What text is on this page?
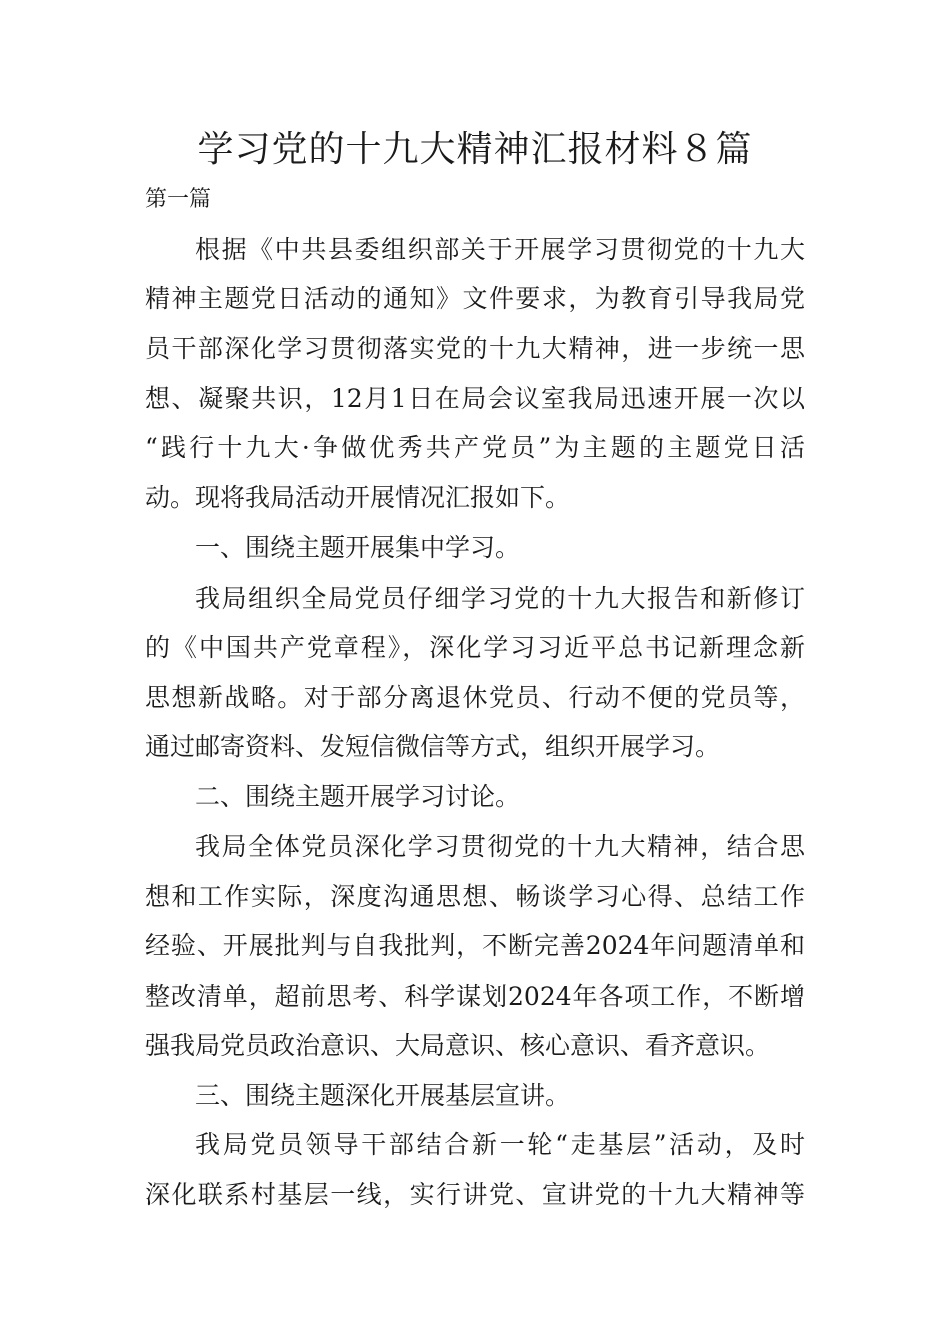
学习党的十九大精神汇报材料８篇

第一篇

根据《中共县委组织部关于开展学习贯彻党的十九大

精神主题党日活动的通知》文件要求，为教育引导我局党

员干部深化学习贯彻落实党的十九大精神，进一步统一思

想、凝聚共识，12月1日在局会议室我局迅速开展一次以

“践行十九大·争做优秀共产党员”为主题的主题党日活

动。现将我局活动开展情况汇报如下。

一、围绕主题开展集中学习。

我局组织全局党员仔细学习党的十九大报告和新修订

的《中国共产党章程》，深化学习习近平总书记新理念新

思想新战略。对于部分离退休党员、行动不便的党员等，

通过邮寄资料、发短信微信等方式，组织开展学习。

二、围绕主题开展学习讨论。

我局全体党员深化学习贯彻党的十九大精神，结合思

想和工作实际，深度沟通思想、畅谈学习心得、总结工作

经验、开展批判与自我批判，不断完善2024年问题清单和

整改清单，超前思考、科学谋划2024年各项工作，不断增

强我局党员政治意识、大局意识、核心意识、看齐意识。

三、围绕主题深化开展基层宣讲。

我局党员领导干部结合新一轮“走基层”活动，及时

深化联系村基层一线，实行讲党、宣讲党的十九大精神等
